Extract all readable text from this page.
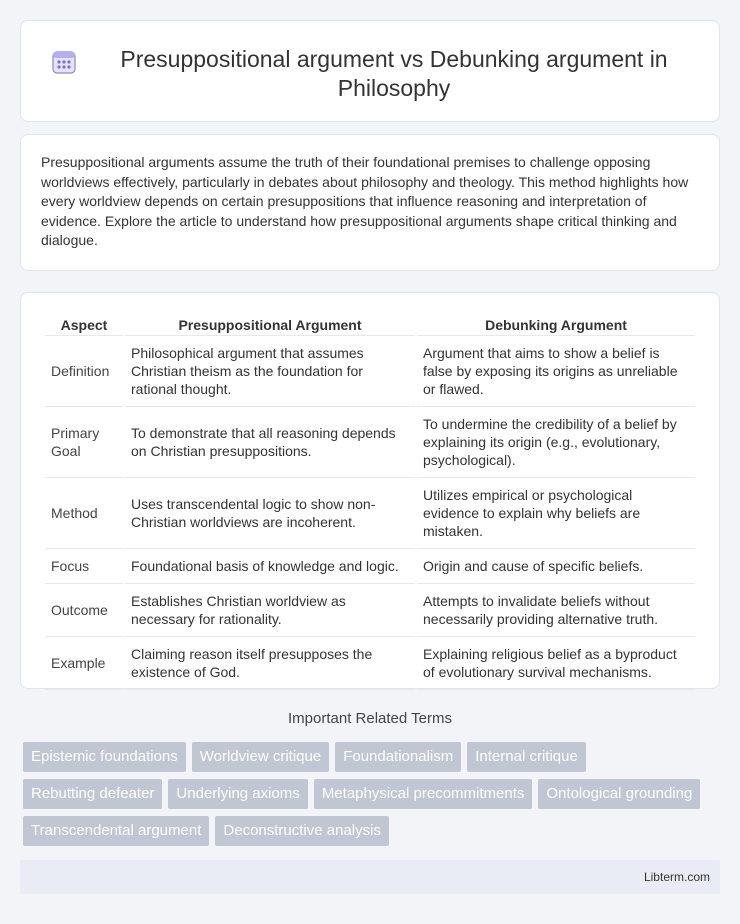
Presuppositional argument vs Debunking argument in Philosophy

Presuppositional arguments assume the truth of their foundational premises to challenge opposing worldviews effectively, particularly in debates about philosophy and theology. This method highlights how every worldview depends on certain presuppositions that influence reasoning and interpretation of evidence. Explore the article to understand how presuppositional arguments shape critical thinking and dialogue.

Aspect	Presuppositional Argument	Debunking Argument
Definition	Philosophical argument that assumes Christian theism as the foundation for rational thought.	Argument that aims to show a belief is false by exposing its origins as unreliable or flawed.
Primary Goal	To demonstrate that all reasoning depends on Christian presuppositions.	To undermine the credibility of a belief by explaining its origin (e.g., evolutionary, psychological).
Method	Uses transcendental logic to show non-Christian worldviews are incoherent.	Utilizes empirical or psychological evidence to explain why beliefs are mistaken.
Focus	Foundational basis of knowledge and logic.	Origin and cause of specific beliefs.
Outcome	Establishes Christian worldview as necessary for rationality.	Attempts to invalidate beliefs without necessarily providing alternative truth.
Example	Claiming reason itself presupposes the existence of God.	Explaining religious belief as a byproduct of evolutionary survival mechanisms.
Important Related Terms
Epistemic foundations	Worldview critique	Foundationalism	Internal critique
Rebutting defeater	Underlying axioms	Metaphysical precommitments	Ontological grounding
Transcendental argument	Deconstructive analysis
Libterm.com
